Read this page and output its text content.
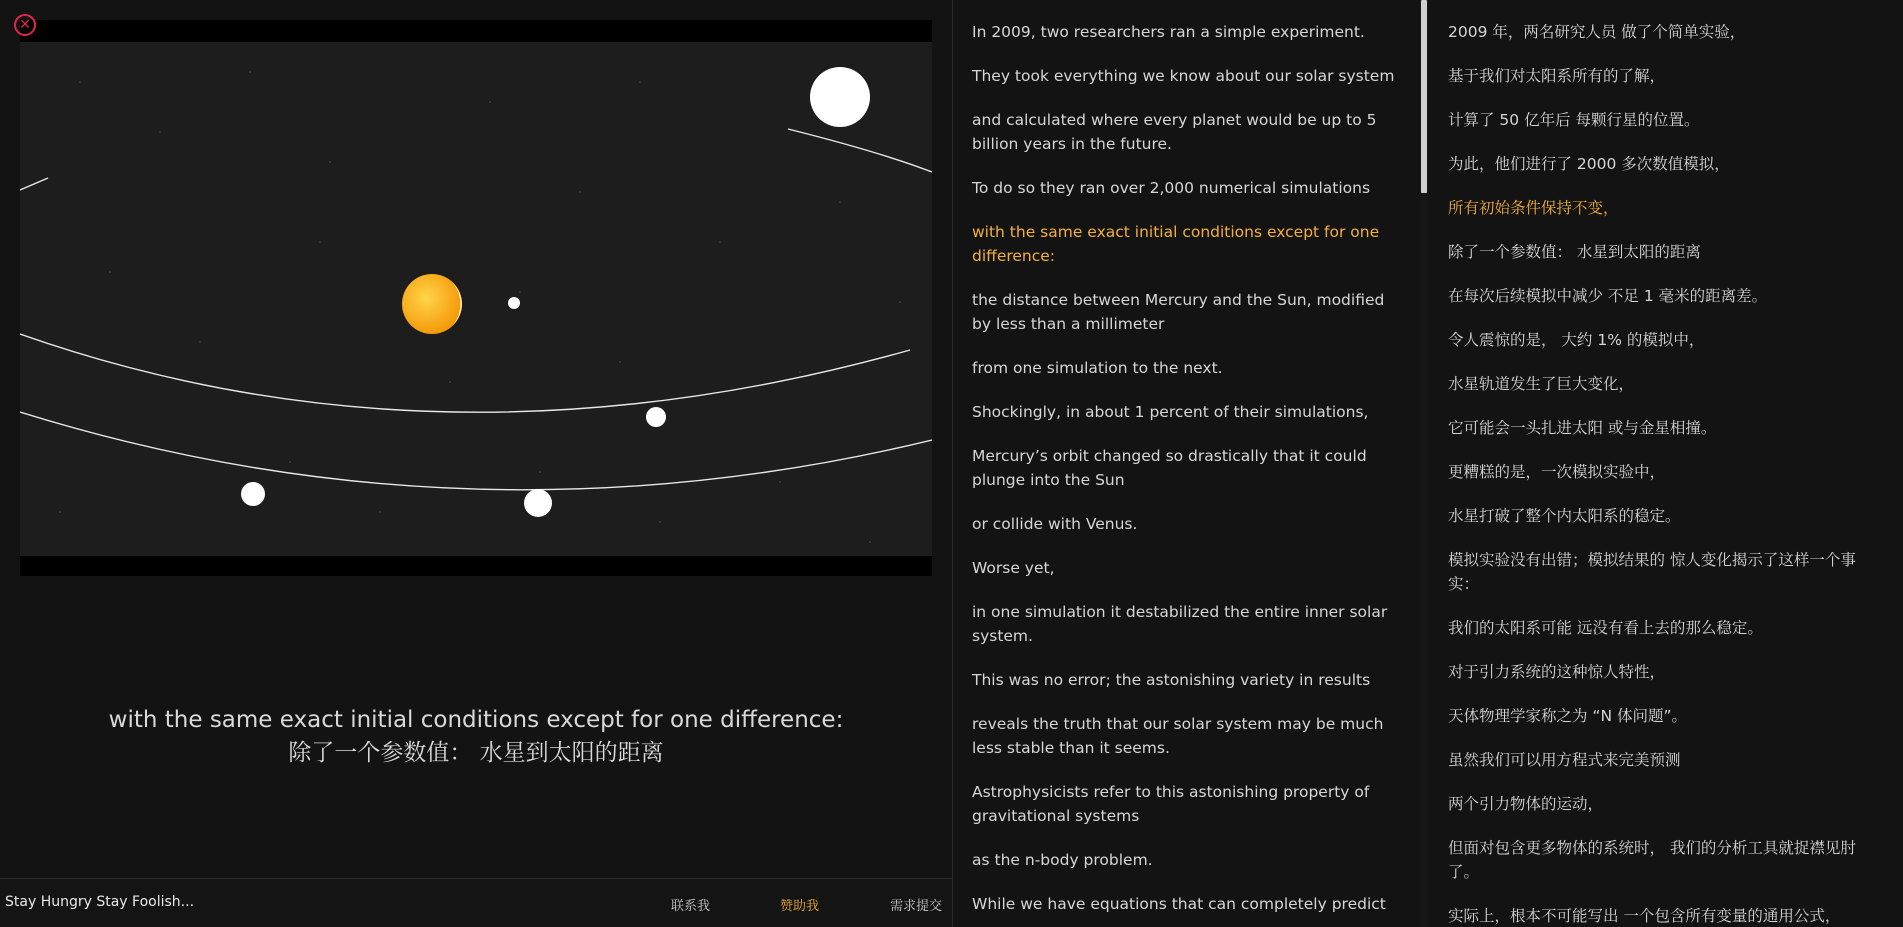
✕
with the same exact initial conditions except for one difference:
除了一个参数值： 水星到太阳的距离
Stay Hungry Stay Foolish...	联系我	赞助我	需求提交
In 2009, two researchers ran a simple experiment.
They took everything we know about our solar system
and calculated where every planet would be up to 5 billion years in the future.
To do so they ran over 2,000 numerical simulations
with the same exact initial conditions except for one difference:
the distance between Mercury and the Sun, modified by less than a millimeter
from one simulation to the next.
Shockingly, in about 1 percent of their simulations,
Mercury’s orbit changed so drastically that it could plunge into the Sun
or collide with Venus.
Worse yet,
in one simulation it destabilized the entire inner solar system.
This was no error; the astonishing variety in results
reveals the truth that our solar system may be much less stable than it seems.
Astrophysicists refer to this astonishing property of gravitational systems
as the n-body problem.
While we have equations that can completely predict
2009 年，两名研究人员 做了个简单实验，
基于我们对太阳系所有的了解，
计算了 50 亿年后 每颗行星的位置。
为此，他们进行了 2000 多次数值模拟，
所有初始条件保持不变，
除了一个参数值： 水星到太阳的距离
在每次后续模拟中减少 不足 1 毫米的距离差。
令人震惊的是， 大约 1% 的模拟中，
水星轨道发生了巨大变化，
它可能会一头扎进太阳 或与金星相撞。
更糟糕的是，一次模拟实验中，
水星打破了整个内太阳系的稳定。
模拟实验没有出错；模拟结果的 惊人变化揭示了这样一个事实：
我们的太阳系可能 远没有看上去的那么稳定。
对于引力系统的这种惊人特性，
天体物理学家称之为 “N 体问题”。
虽然我们可以用方程式来完美预测
两个引力物体的运动，
但面对包含更多物体的系统时， 我们的分析工具就捉襟见肘了。
实际上，根本不可能写出 一个包含所有变量的通用公式，
